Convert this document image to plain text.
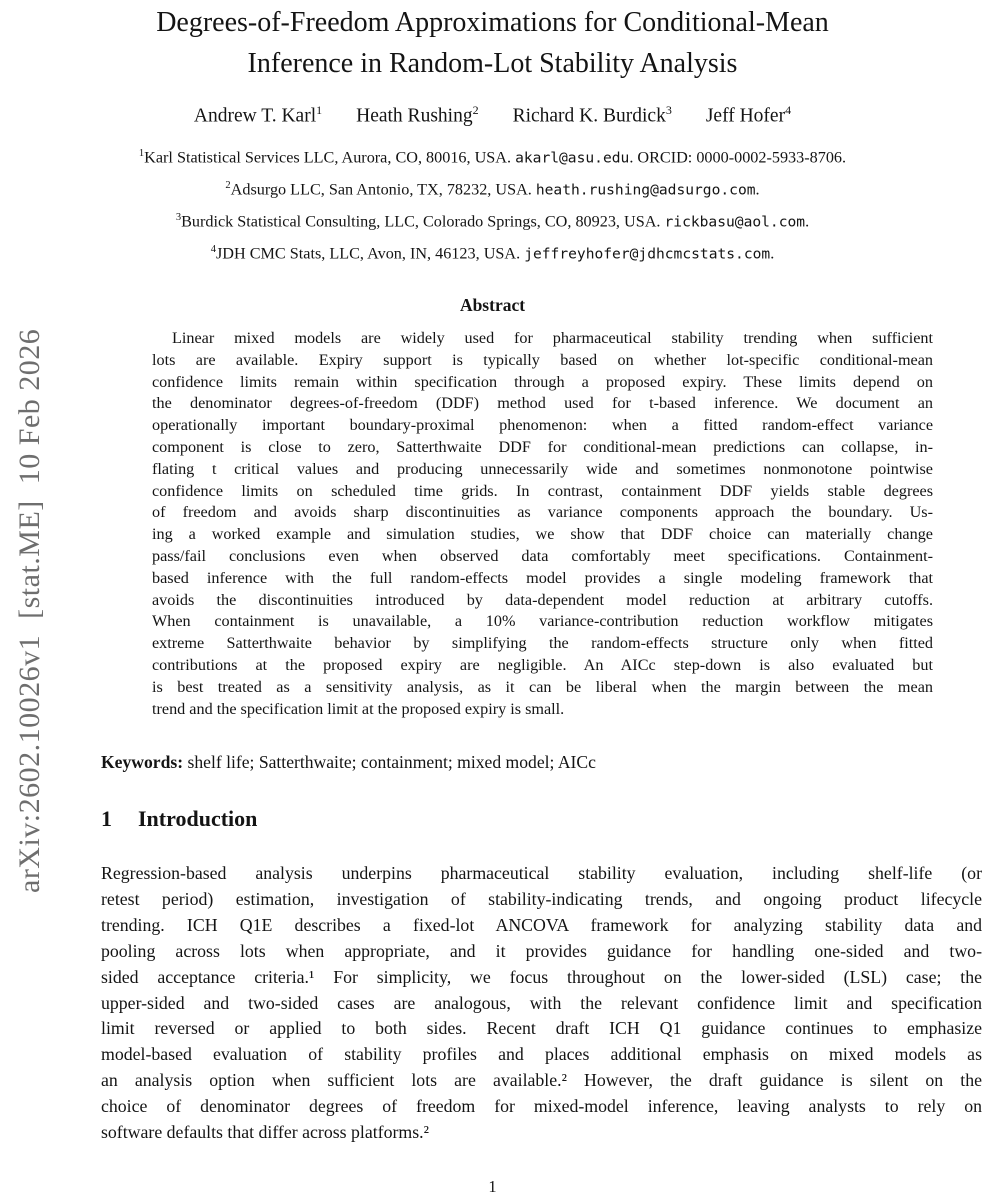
arXiv:2602.10026v1  [stat.ME]  10 Feb 2026
Degrees-of-Freedom Approximations for Conditional-Mean
Inference in Random-Lot Stability Analysis
Andrew T. Karl$^1$ Heath Rushing$^2$ Richard K. Burdick$^3$ Jeff Hofer$^4$
$^1$Karl Statistical Services LLC, Aurora, CO, 80016, USA. akarl@asu.edu. ORCID: 0000-0002-5933-8706.
$^2$Adsurgo LLC, San Antonio, TX, 78232, USA. heath.rushing@adsurgo.com.
$^3$Burdick Statistical Consulting, LLC, Colorado Springs, CO, 80923, USA. rickbasu@aol.com.
$^4$JDH CMC Stats, LLC, Avon, IN, 46123, USA. jeffreyhofer@jdhcmcstats.com.
Abstract
Linear mixed models are widely used for pharmaceutical stability trending when sufficient
lots are available. Expiry support is typically based on whether lot-specific conditional-mean
confidence limits remain within specification through a proposed expiry. These limits depend on
the denominator degrees-of-freedom (DDF) method used for t-based inference. We document an
operationally important boundary-proximal phenomenon: when a fitted random-effect variance
component is close to zero, Satterthwaite DDF for conditional-mean predictions can collapse, in-
flating t critical values and producing unnecessarily wide and sometimes nonmonotone pointwise
confidence limits on scheduled time grids. In contrast, containment DDF yields stable degrees
of freedom and avoids sharp discontinuities as variance components approach the boundary. Us-
ing a worked example and simulation studies, we show that DDF choice can materially change
pass/fail conclusions even when observed data comfortably meet specifications. Containment-
based inference with the full random-effects model provides a single modeling framework that
avoids the discontinuities introduced by data-dependent model reduction at arbitrary cutoffs.
When containment is unavailable, a 10% variance-contribution reduction workflow mitigates
extreme Satterthwaite behavior by simplifying the random-effects structure only when fitted
contributions at the proposed expiry are negligible. An AICc step-down is also evaluated but
is best treated as a sensitivity analysis, as it can be liberal when the margin between the mean
trend and the specification limit at the proposed expiry is small.
Keywords: shelf life; Satterthwaite; containment; mixed model; AICc
1 Introduction
Regression-based analysis underpins pharmaceutical stability evaluation, including shelf-life (or
retest period) estimation, investigation of stability-indicating trends, and ongoing product lifecycle
trending. ICH Q1E describes a fixed-lot ANCOVA framework for analyzing stability data and
pooling across lots when appropriate, and it provides guidance for handling one-sided and two-
sided acceptance criteria.¹ For simplicity, we focus throughout on the lower-sided (LSL) case; the
upper-sided and two-sided cases are analogous, with the relevant confidence limit and specification
limit reversed or applied to both sides. Recent draft ICH Q1 guidance continues to emphasize
model-based evaluation of stability profiles and places additional emphasis on mixed models as
an analysis option when sufficient lots are available.² However, the draft guidance is silent on the
choice of denominator degrees of freedom for mixed-model inference, leaving analysts to rely on
software defaults that differ across platforms.²
1
